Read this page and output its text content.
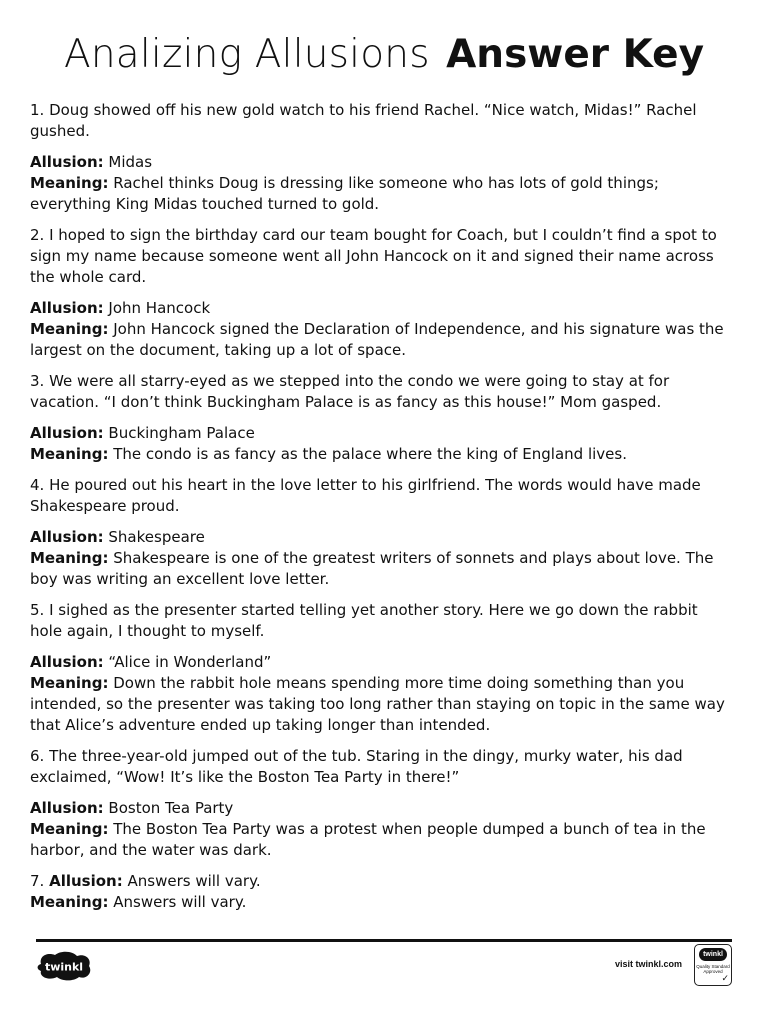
Analizing Allusions Answer Key

1. Doug showed off his new gold watch to his friend Rachel. “Nice watch, Midas!” Rachel gushed.

Allusion: Midas
Meaning: Rachel thinks Doug is dressing like someone who has lots of gold things; everything King Midas touched turned to gold.

2. I hoped to sign the birthday card our team bought for Coach, but I couldn’t find a spot to sign my name because someone went all John Hancock on it and signed their name across the whole card.

Allusion: John Hancock
Meaning: John Hancock signed the Declaration of Independence, and his signature was the largest on the document, taking up a lot of space.

3. We were all starry-eyed as we stepped into the condo we were going to stay at for vacation. “I don’t think Buckingham Palace is as fancy as this house!” Mom gasped.

Allusion: Buckingham Palace
Meaning: The condo is as fancy as the palace where the king of England lives.

4. He poured out his heart in the love letter to his girlfriend. The words would have made Shakespeare proud.

Allusion: Shakespeare
Meaning: Shakespeare is one of the greatest writers of sonnets and plays about love. The boy was writing an excellent love letter.

5. I sighed as the presenter started telling yet another story. Here we go down the rabbit hole again, I thought to myself.

Allusion: “Alice in Wonderland”
Meaning: Down the rabbit hole means spending more time doing something than you intended, so the presenter was taking too long rather than staying on topic in the same way that Alice’s adventure ended up taking longer than intended.

6. The three-year-old jumped out of the tub. Staring in the dingy, murky water, his dad exclaimed, “Wow! It’s like the Boston Tea Party in there!”

Allusion: Boston Tea Party
Meaning: The Boston Tea Party was a protest when people dumped a bunch of tea in the harbor, and the water was dark.
7. Allusion: Answers will vary.
Meaning: Answers will vary.
twinkl	visit twinkl.com
twinkl
Quality Standard Approved
✓
